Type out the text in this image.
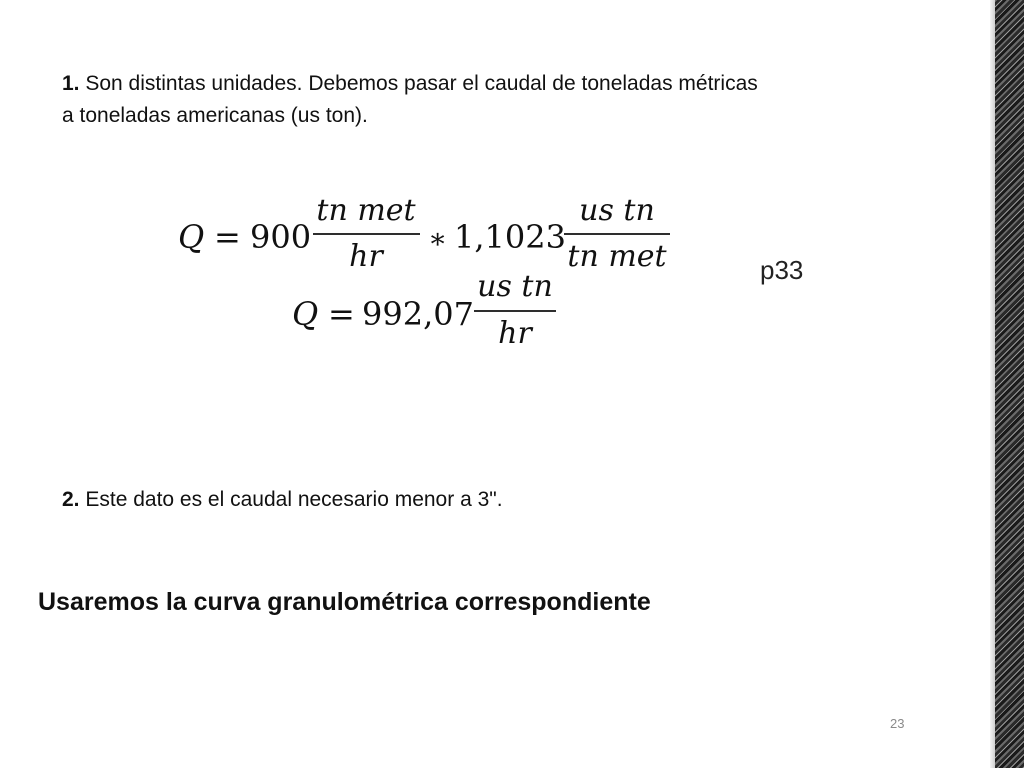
1. Son distintas unidades. Debemos pasar el caudal de toneladas métricas
a toneladas americanas (us ton).
Q = 900
tn met
hr
∗ 1,1023
us tn
tn met
Q = 992,07
us tn
hr
p33
2. Este dato es el caudal necesario menor a 3".
Usaremos la curva granulométrica correspondiente
23
